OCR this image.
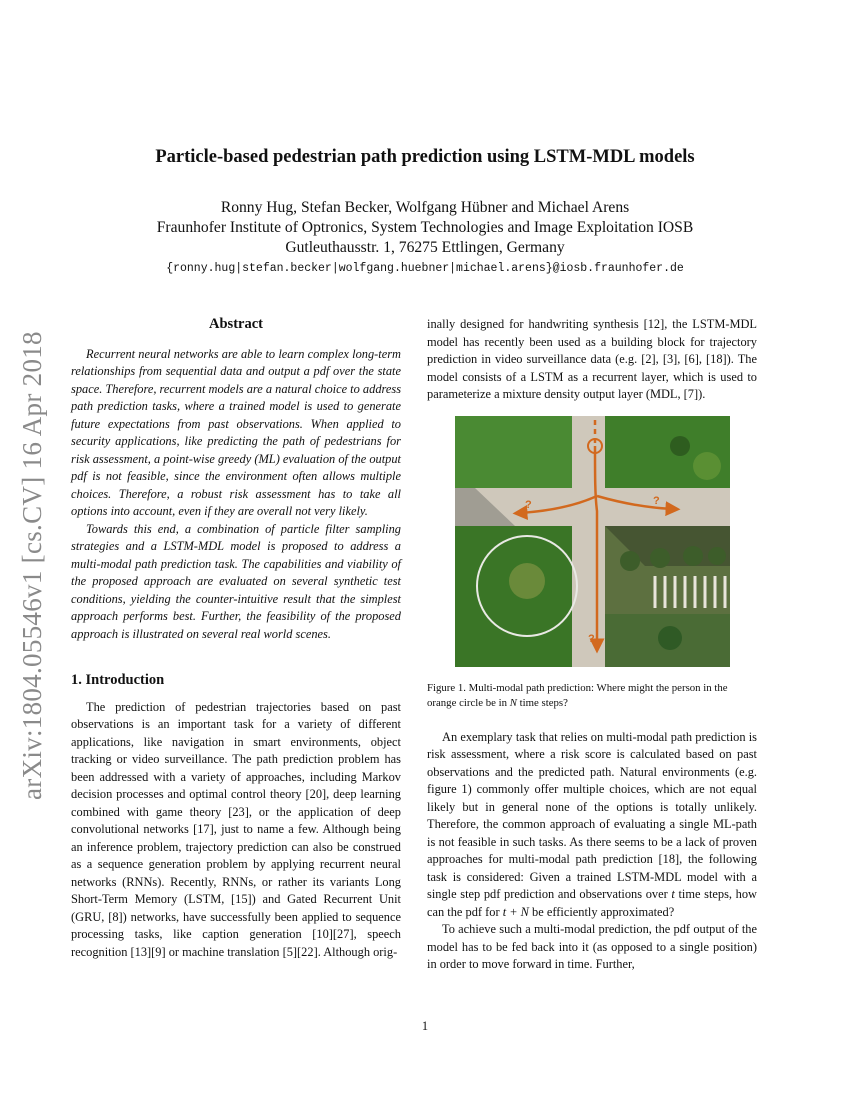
arXiv:1804.05546v1 [cs.CV] 16 Apr 2018
Particle-based pedestrian path prediction using LSTM-MDL models
Ronny Hug, Stefan Becker, Wolfgang Hübner and Michael Arens
Fraunhofer Institute of Optronics, System Technologies and Image Exploitation IOSB
Gutleuthausstr. 1, 76275 Ettlingen, Germany
{ronny.hug|stefan.becker|wolfgang.huebner|michael.arens}@iosb.fraunhofer.de

Abstract

Recurrent neural networks are able to learn complex long-term relationships from sequential data and output a pdf over the state space. Therefore, recurrent models are a natural choice to address path prediction tasks, where a trained model is used to generate future expectations from past observations. When applied to security applications, like predicting the path of pedestrians for risk assessment, a point-wise greedy (ML) evaluation of the output pdf is not feasible, since the environment often allows multiple choices. Therefore, a robust risk assessment has to take all options into account, even if they are overall not very likely.

Towards this end, a combination of particle filter sampling strategies and a LSTM-MDL model is proposed to address a multi-modal path prediction task. The capabilities and viability of the proposed approach are evaluated on several synthetic test conditions, yielding the counter-intuitive result that the simplest approach performs best. Further, the feasibility of the proposed approach is illustrated on several real world scenes.

1. Introduction

The prediction of pedestrian trajectories based on past observations is an important task for a variety of different applications, like navigation in smart environments, object tracking or video surveillance. The path prediction problem has been addressed with a variety of approaches, including Markov decision processes and optimal control theory [20], deep learning combined with game theory [23], or the application of deep convolutional networks [17], just to name a few. Although being an inference problem, trajectory prediction can also be construed as a sequence generation problem by applying recurrent neural networks (RNNs). Recently, RNNs, or rather its variants Long Short-Term Memory (LSTM, [15]) and Gated Recurrent Unit (GRU, [8]) networks, have successfully been applied to sequence processing tasks, like caption generation [10][27], speech recognition [13][9] or machine translation [5][22]. Although orig-

inally designed for handwriting synthesis [12], the LSTM-MDL model has recently been used as a building block for trajectory prediction in video surveillance data (e.g. [2], [3], [6], [18]). The model consists of a LSTM as a recurrent layer, which is used to parameterize a mixture density output layer (MDL, [7]).

?	?
?

Figure 1. Multi-modal path prediction: Where might the person in the orange circle be in N time steps?

An exemplary task that relies on multi-modal path prediction is risk assessment, where a risk score is calculated based on past observations and the predicted path. Natural environments (e.g. figure 1) commonly offer multiple choices, which are not equal likely but in general none of the options is totally unlikely. Therefore, the common approach of evaluating a single ML-path is not feasible in such tasks. As there seems to be a lack of proven approaches for multi-modal path prediction [18], the following task is considered: Given a trained LSTM-MDL model with a single step pdf prediction and observations over t time steps, how can the pdf for t + N be efficiently approximated?

To achieve such a multi-modal prediction, the pdf output of the model has to be fed back into it (as opposed to a single position) in order to move forward in time. Further,

1
